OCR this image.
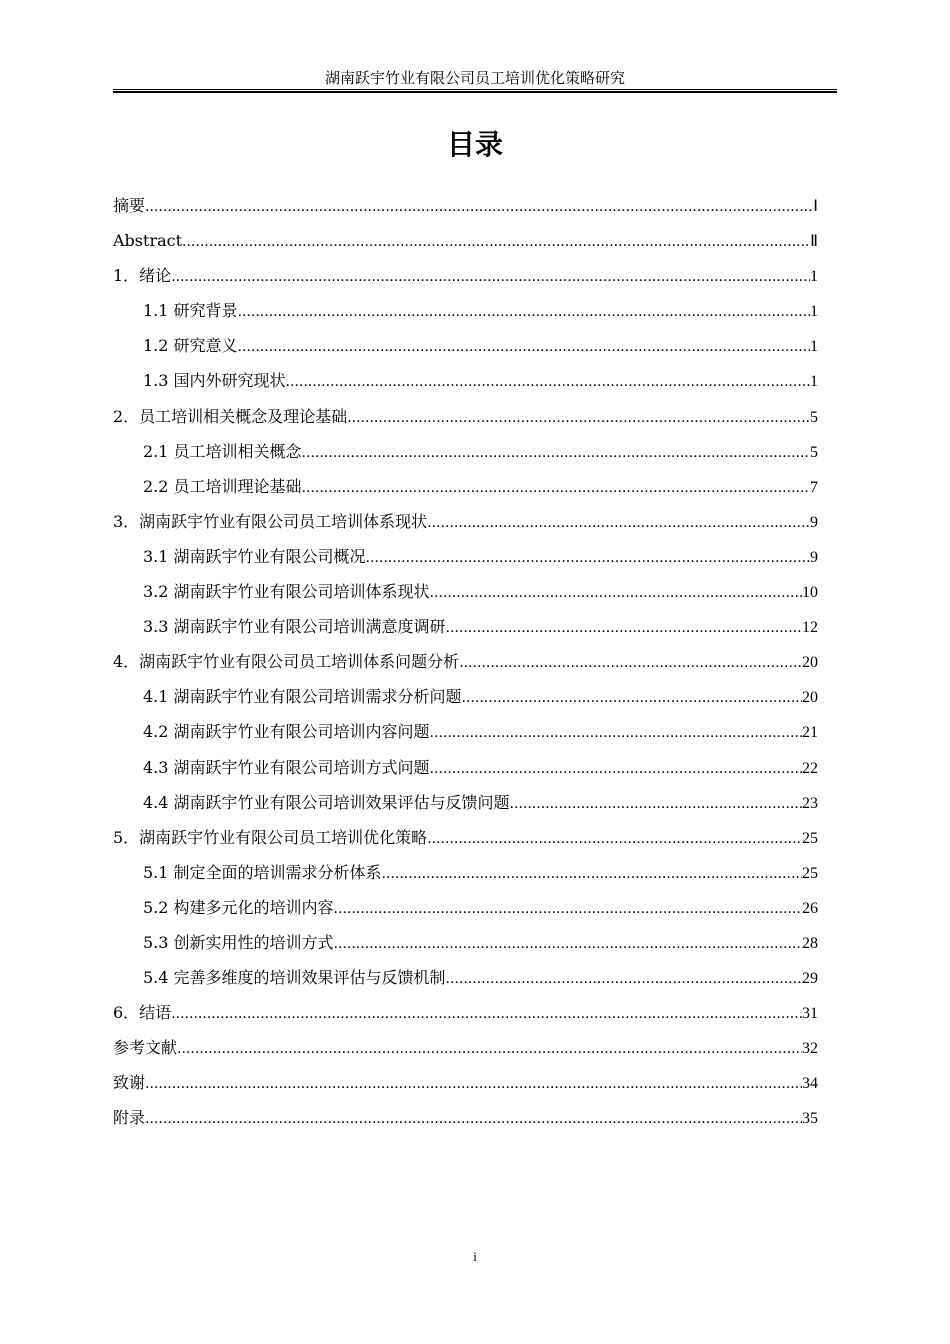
湖南跃宇竹业有限公司员工培训优化策略研究
目录
摘要 .....	Ⅰ
Abstract .....	Ⅱ
1．绪论 .....	1
1.1 研究背景 .....	1
1.2 研究意义 .....	1
1.3 国内外研究现状 .....	1
2．员工培训相关概念及理论基础 .....	5
2.1 员工培训相关概念 .....	5
2.2 员工培训理论基础 .....	7
3．湖南跃宇竹业有限公司员工培训体系现状 .....	9
3.1 湖南跃宇竹业有限公司概况 .....	9
3.2 湖南跃宇竹业有限公司培训体系现状 .....	10
3.3 湖南跃宇竹业有限公司培训满意度调研 .....	12
4．湖南跃宇竹业有限公司员工培训体系问题分析 .....	20
4.1 湖南跃宇竹业有限公司培训需求分析问题 .....	20
4.2 湖南跃宇竹业有限公司培训内容问题 .....	21
4.3 湖南跃宇竹业有限公司培训方式问题 .....	22
4.4 湖南跃宇竹业有限公司培训效果评估与反馈问题 .....	23
5．湖南跃宇竹业有限公司员工培训优化策略 .....	25
5.1 制定全面的培训需求分析体系 .....	25
5.2 构建多元化的培训内容 .....	26
5.3 创新实用性的培训方式 .....	28
5.4 完善多维度的培训效果评估与反馈机制 .....	29
6．结语 .....	31
参考文献 .....	32
致谢 .....	34
附录 .....	35
i
